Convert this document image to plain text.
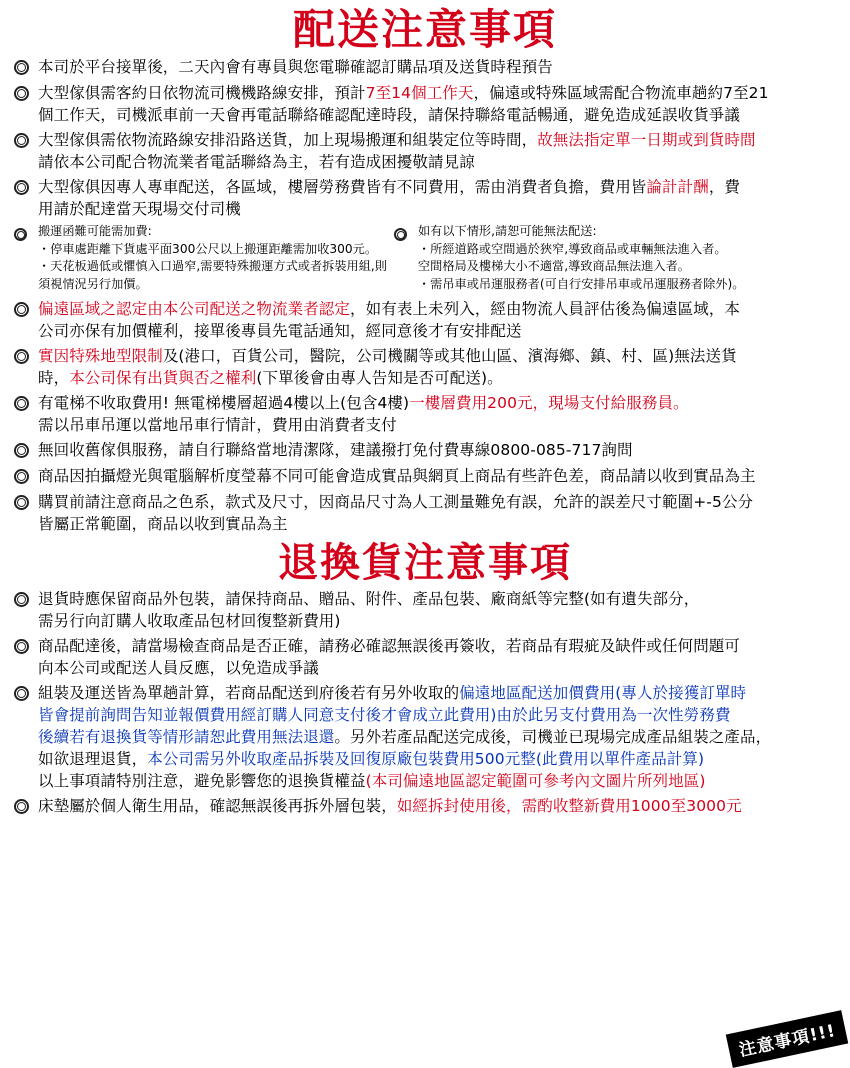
配送注意事項
本司於平台接單後，二天內會有專員與您電聯確認訂購品項及送貨時程預告
大型傢俱需客約日依物流司機機路線安排，預計7至14個工作天，偏遠或特殊區域需配合物流車趟約7至21
個工作天，司機派車前一天會再電話聯絡確認配達時段，請保持聯絡電話暢通，避免造成延誤收貨爭議
大型傢俱需依物流路線安排沿路送貨，加上現場搬運和組裝定位等時間，故無法指定單一日期或到貨時間
請依本公司配合物流業者電話聯絡為主，若有造成困擾敬請見諒
大型傢俱因專人專車配送，各區域，樓層勞務費皆有不同費用，需由消費者負擔，費用皆論計計酬，費
用請於配達當天現場交付司機
搬運函難可能需加費:
・停車處距離下貨處平面300公尺以上搬運距離需加收300元。
・天花板過低或懼慎入口過窄,需要特殊搬運方式或者拆裝用組,則須視情況另行加價。
如有以下情形,請恕可能無法配送:
・所經道路或空間過於狹窄,導致商品或車輛無法進入者。
空間格局及樓梯大小不適當,導致商品無法進入者。
・需吊車或吊運服務者(可自行安排吊車或吊運服務者除外)。
偏遠區域之認定由本公司配送之物流業者認定，如有表上未列入，經由物流人員評估後為偏遠區域，本
公司亦保有加價權利，接單後專員先電話通知，經同意後才有安排配送
實因特殊地型限制及(港口，百貨公司，醫院，公司機關等或其他山區、濱海鄉、鎮、村、區)無法送貨
時，本公司保有出貨與否之權利(下單後會由專人告知是否可配送)。
有電梯不收取費用! 無電梯樓層超過4樓以上(包含4樓)一樓層費用200元，現場支付給服務員。
需以吊車吊運以當地吊車行情計，費用由消費者支付
無回收舊傢俱服務，請自行聯絡當地清潔隊，建議撥打免付費專線0800-085-717詢問
商品因拍攝燈光與電腦解析度瑩幕不同可能會造成實品與網頁上商品有些許色差，商品請以收到實品為主
購買前請注意商品之色系，款式及尺寸，因商品尺寸為人工測量難免有誤，允許的誤差尺寸範圍+-5公分
皆屬正常範圍，商品以收到實品為主
退換貨注意事項
退貨時應保留商品外包裝，請保持商品、贈品、附件、產品包裝、廠商紙等完整(如有遺失部分，
需另行向訂購人收取產品包材回復整新費用)
商品配達後，請當場檢查商品是否正確，請務必確認無誤後再簽收，若商品有瑕疵及缺件或任何問題可
向本公司或配送人員反應，以免造成爭議
組裝及運送皆為單趟計算，若商品配送到府後若有另外收取的偏遠地區配送加價費用(專人於接獲訂單時
皆會提前詢問告知並報價費用經訂購人同意支付後才會成立此費用)由於此另支付費用為一次性勞務費
後續若有退換貨等情形請恕此費用無法退還。另外若產品配送完成後，司機並已現場完成產品組裝之產品，
如欲退理退貨，本公司需另外收取產品拆裝及回復原廠包裝費用500元整(此費用以單件產品計算)
以上事項請特別注意，避免影響您的退換貨權益(本司偏遠地區認定範圍可參考內文圖片所列地區)
床墊屬於個人衛生用品，確認無誤後再拆外層包裝，如經拆封使用後，需酌收整新費用1000至3000元
注意事項!!!
